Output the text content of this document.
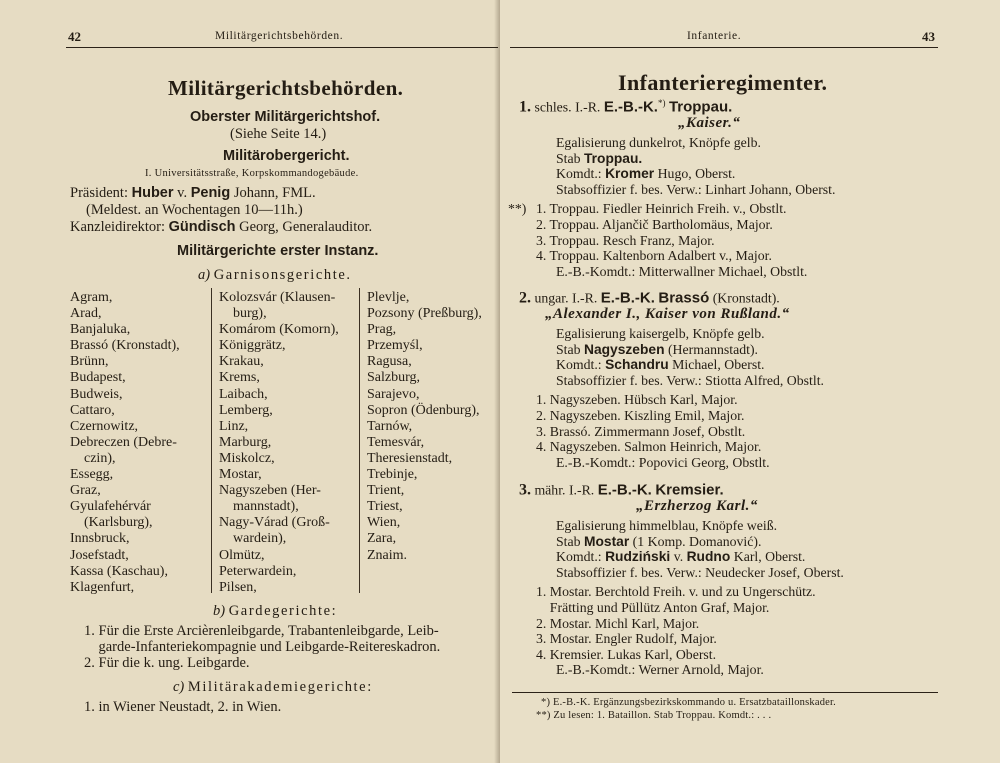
42	Militärgerichtsbehörden.
Militärgerichtsbehörden.
Oberster Militärgerichtshof.
(Siehe Seite 14.)
Militärobergericht.
I. Universitätsstraße, Korpskommandogebäude.
Präsident: Huber v. Penig Johann, FML.
(Meldest. an Wochentagen 10—11h.)
Kanzleidirektor: Gündisch Georg, Generalauditor.
Militärgerichte erster Instanz.
a) Garnisonsgerichte.
Agram,
Arad,
Banjaluka,
Brassó (Kronstadt),
Brünn,
Budapest,
Budweis,
Cattaro,
Czernowitz,
Debreczen (Debre-
czin),
Essegg,
Graz,
Gyulafehérvár
(Karlsburg),
Innsbruck,
Josefstadt,
Kassa (Kaschau),
Klagenfurt,
Kolozsvár (Klausen-
burg),
Komárom (Komorn),
Königgrätz,
Krakau,
Krems,
Laibach,
Lemberg,
Linz,
Marburg,
Miskolcz,
Mostar,
Nagyszeben (Her-
mannstadt),
Nagy-Várad (Groß-
wardein),
Olmütz,
Peterwardein,
Pilsen,
Plevlje,
Pozsony (Preßburg),
Prag,
Przemyśl,
Ragusa,
Salzburg,
Sarajevo,
Sopron (Ödenburg),
Tarnów,
Temesvár,
Theresienstadt,
Trebinje,
Trient,
Triest,
Wien,
Zara,
Znaim.
b) Gardegerichte:
1. Für die Erste Arcièrenleibgarde, Trabantenleibgarde, Leib-
garde-Infanteriekompagnie und Leibgarde-Reitereskadron.
2. Für die k. ung. Leibgarde.
c) Militärakademiegerichte:
1. in Wiener Neustadt, 2. in Wien.
Infanterie.	43
Infanterieregimenter.
1. schles. I.-R. E.-B.-K.*) Troppau.
„Kaiser.“
Egalisierung dunkelrot, Knöpfe gelb.
Stab Troppau.
Komdt.: Kromer Hugo, Oberst.
Stabsoffizier f. bes. Verw.: Linhart Johann, Oberst.
**) 1. Troppau. Fiedler Heinrich Freih. v., Obstlt.
2. Troppau. Aljančič Bartholomäus, Major.
3. Troppau. Resch Franz, Major.
4. Troppau. Kaltenborn Adalbert v., Major.
E.-B.-Komdt.: Mitterwallner Michael, Obstlt.
2. ungar. I.-R. E.-B.-K. Brassó (Kronstadt).
„Alexander I., Kaiser von Rußland.“
Egalisierung kaisergelb, Knöpfe gelb.
Stab Nagyszeben (Hermannstadt).
Komdt.: Schandru Michael, Oberst.
Stabsoffizier f. bes. Verw.: Stiotta Alfred, Obstlt.
1. Nagyszeben. Hübsch Karl, Major.
2. Nagyszeben. Kiszling Emil, Major.
3. Brassó. Zimmermann Josef, Obstlt.
4. Nagyszeben. Salmon Heinrich, Major.
E.-B.-Komdt.: Popovici Georg, Obstlt.
3. mähr. I.-R. E.-B.-K. Kremsier.
„Erzherzog Karl.“
Egalisierung himmelblau, Knöpfe weiß.
Stab Mostar (1 Komp. Domanović).
Komdt.: Rudziński v. Rudno Karl, Oberst.
Stabsoffizier f. bes. Verw.: Neudecker Josef, Oberst.
1. Mostar. Berchtold Freih. v. und zu Ungerschütz.
Frätting und Püllütz Anton Graf, Major.
2. Mostar. Michl Karl, Major.
3. Mostar. Engler Rudolf, Major.
4. Kremsier. Lukas Karl, Oberst.
E.-B.-Komdt.: Werner Arnold, Major.
*) E.-B.-K. Ergänzungsbezirkskommando u. Ersatzbataillonskader.
**) Zu lesen: 1. Bataillon. Stab Troppau. Komdt.: . . .
